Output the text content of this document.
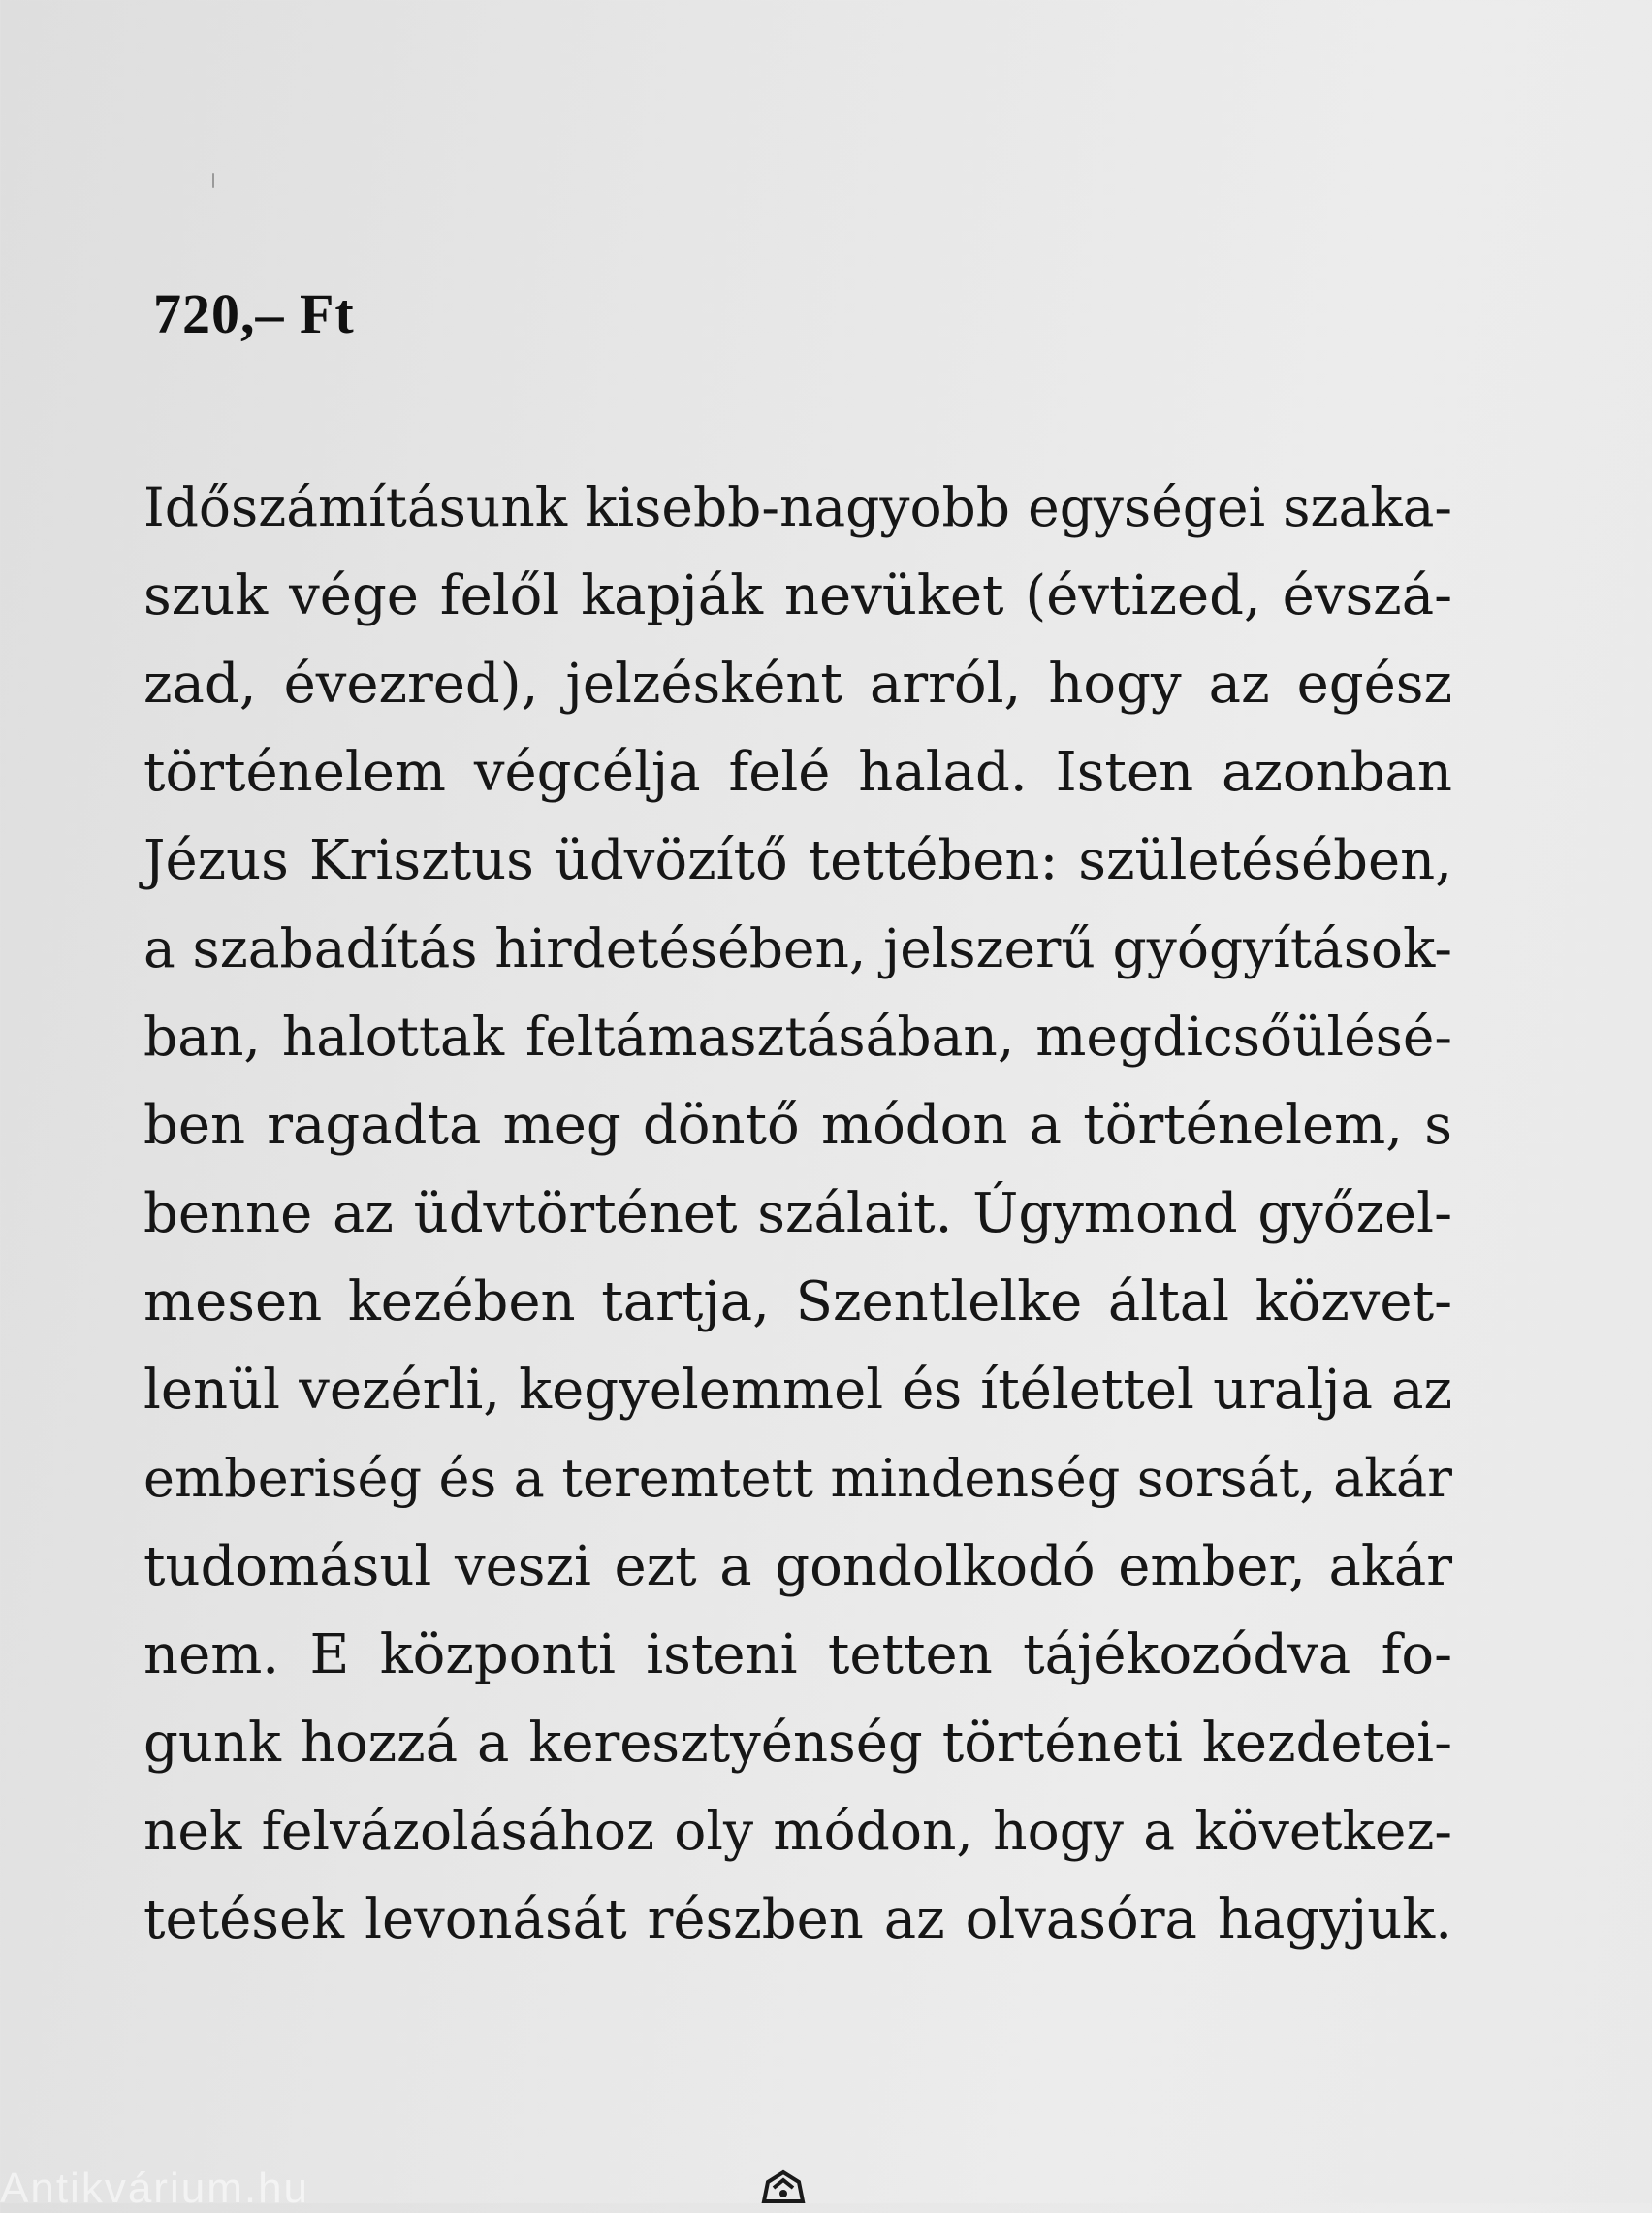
720,– Ft
Időszámításunk kisebb-nagyobb egységei szaka-
szuk vége felől kapják nevüket (évtized, évszá-
zad, évezred), jelzésként arról, hogy az egész
történelem végcélja felé halad. Isten azonban
Jézus Krisztus üdvözítő tettében: születésében,
a szabadítás hirdetésében, jelszerű gyógyítások-
ban, halottak feltámasztásában, megdicsőülésé-
ben ragadta meg döntő módon a történelem, s
benne az üdvtörténet szálait. Úgymond győzel-
mesen kezében tartja, Szentlelke által közvet-
lenül vezérli, kegyelemmel és ítélettel uralja az
emberiség és a teremtett mindenség sorsát, akár
tudomásul veszi ezt a gondolkodó ember, akár
nem. E központi isteni tetten tájékozódva fo-
gunk hozzá a keresztyénség történeti kezdetei-
nek felvázolásához oly módon, hogy a következ-
tetések levonását részben az olvasóra hagyjuk.
Antikvárium.hu
